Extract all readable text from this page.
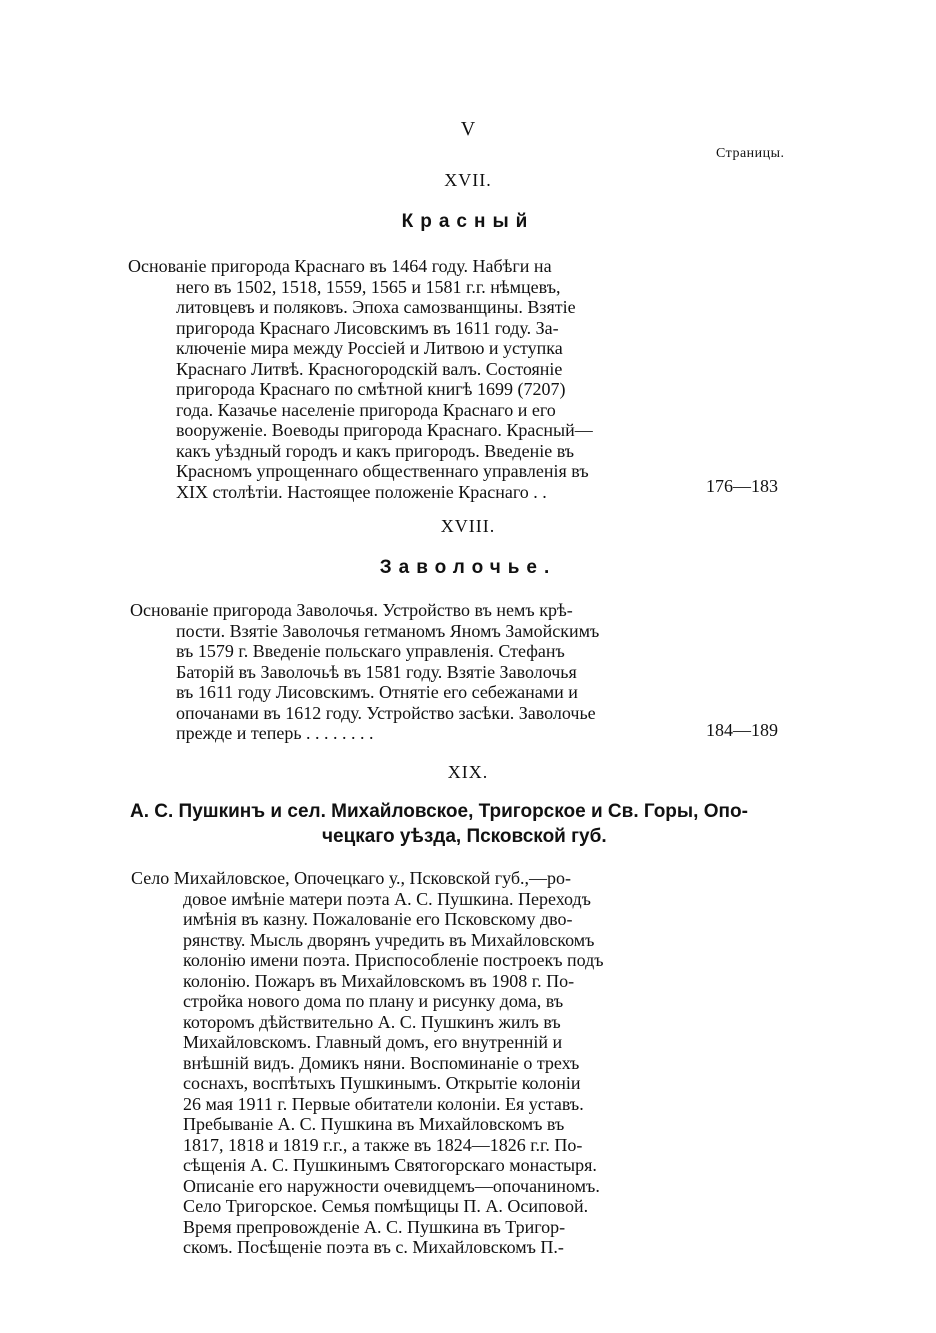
V
Страницы.
XVII.
Красный
Основаніе пригорода Краснаго въ 1464 году. Набѣги на
него въ 1502, 1518, 1559, 1565 и 1581 г.г. нѣмцевъ,
литовцевъ и поляковъ. Эпоха самозванщины. Взятіе
пригорода Краснаго Лисовскимъ въ 1611 году. За-
ключеніе мира между Россіей и Литвою и уступка
Краснаго Литвѣ. Красногородскій валъ. Состояніе
пригорода Краснаго по смѣтной книгѣ 1699 (7207)
года. Казачье населеніе пригорода Краснаго и его
вооруженіе. Воеводы пригорода Краснаго. Красный—
какъ уѣздный городъ и какъ пригородъ. Введеніе въ
Красномъ упрощеннаго общественнаго управленія въ
XIX столѣтіи. Настоящее положеніе Краснаго . .	176—183
XVIII.
Заволочье.
Основаніе пригорода Заволочья. Устройство въ немъ крѣ-
пости. Взятіе Заволочья гетманомъ Яномъ Замойскимъ
въ 1579 г. Введеніе польскаго управленія. Стефанъ
Баторій въ Заволочьѣ въ 1581 году. Взятіе Заволочья
въ 1611 году Лисовскимъ. Отнятіе его себежанами и
опочанами въ 1612 году. Устройство засѣки. Заволочье
прежде и теперь . . . . . . . .	184—189
XIX.
А. С. Пушкинъ и сел. Михайловское, Тригорское и Св. Горы, Опо-
чецкаго уѣзда, Псковской губ.
Село Михайловское, Опочецкаго у., Псковской губ.,—ро-
довое имѣніе матери поэта А. С. Пушкина. Переходъ
имѣнія въ казну. Пожалованіе его Псковскому дво-
рянству. Мысль дворянъ учредить въ Михайловскомъ
колонію имени поэта. Приспособленіе построекъ подъ
колонію. Пожаръ въ Михайловскомъ въ 1908 г. По-
стройка нового дома по плану и рисунку дома, въ
которомъ дѣйствительно А. С. Пушкинъ жилъ въ
Михайловскомъ. Главный домъ, его внутренній и
внѣшній видъ. Домикъ няни. Воспоминаніе о трехъ
соснахъ, воспѣтыхъ Пушкинымъ. Открытіе колоніи
26 мая 1911 г. Первые обитатели колоніи. Ея уставъ.
Пребываніе А. С. Пушкина въ Михайловскомъ въ
1817, 1818 и 1819 г.г., а также въ 1824—1826 г.г. По-
сѣщенія А. С. Пушкинымъ Святогорскаго монастыря.
Описаніе его наружности очевидцемъ—опочаниномъ.
Село Тригорское. Семья помѣщицы П. А. Осиповой.
Время препровожденіе А. С. Пушкина въ Тригор-
скомъ. Посѣщеніе поэта въ с. Михайловскомъ П.-
